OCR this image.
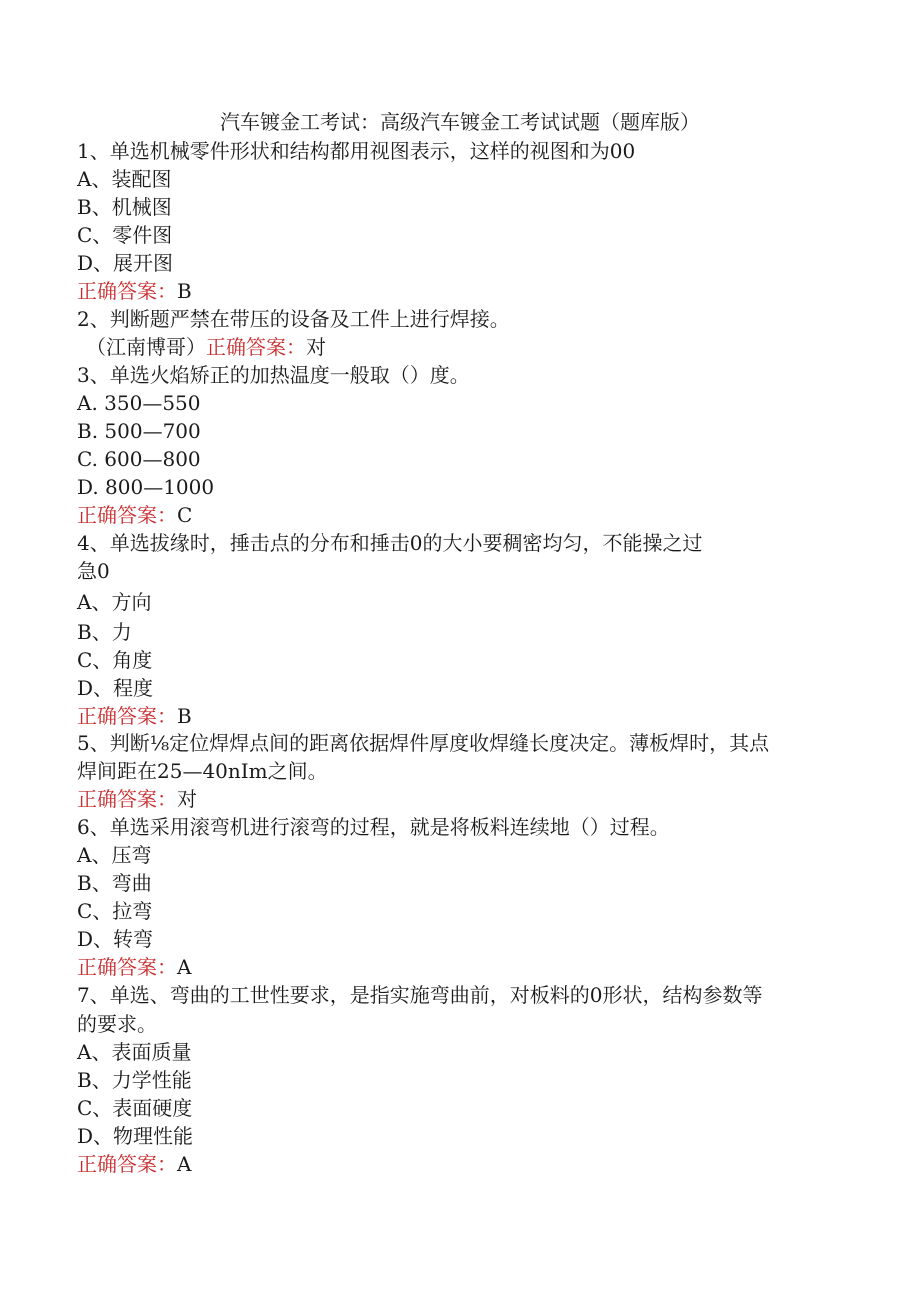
汽车镀金工考试：高级汽车镀金工考试试题（题库版）
1、单选机械零件形状和结构都用视图表示，这样的视图和为00
A、装配图
B、机械图
C、零件图
D、展开图
正确答案：B
2、判断题严禁在带压的设备及工件上进行焊接。
（江南博哥）正确答案：对
3、单选火焰矫正的加热温度一般取（）度。
A. 350—550
B. 500—700
C. 600—800
D. 800—1000
正确答案：C
4、单选拔缘时，捶击点的分布和捶击0的大小要稠密均匀，不能操之过
急0
A、方向
B、力
C、角度
D、程度
正确答案：B
5、判断⅛定位焊焊点间的距离依据焊件厚度收焊缝长度决定。薄板焊时，其点
焊间距在25—40nIm之间。
正确答案：对
6、单选采用滚弯机进行滚弯的过程，就是将板料连续地（）过程。
A、压弯
B、弯曲
C、拉弯
D、转弯
正确答案：A
7、单选、弯曲的工世性要求，是指实施弯曲前，对板料的0形状，结构参数等
的要求。
A、表面质量
B、力学性能
C、表面硬度
D、物理性能
正确答案：A
